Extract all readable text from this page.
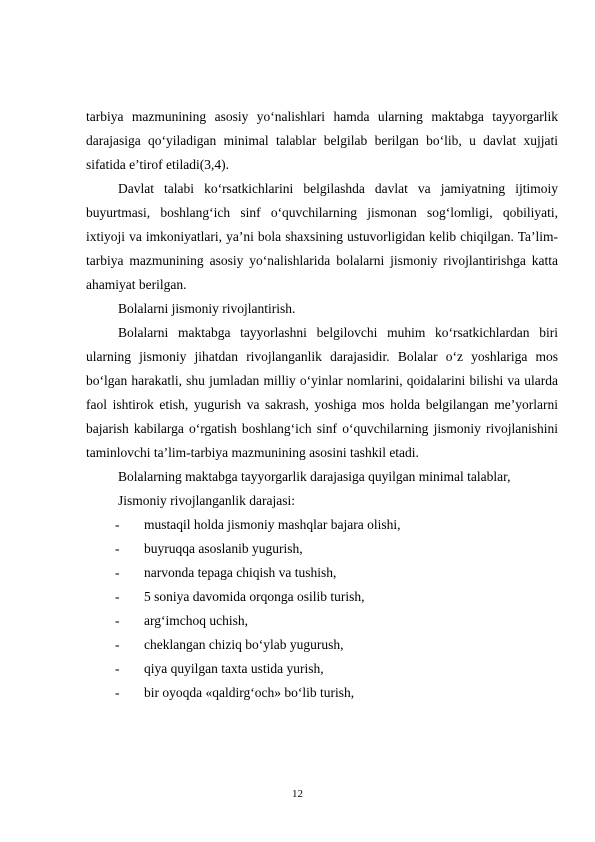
tarbiya mazmunining asosiy yo‘nalishlari hamda ularning maktabga tayyorgarlik darajasiga qo‘yiladigan minimal talablar belgilab berilgan bo‘lib, u davlat xujjati sifatida e’tirof etiladi(3,4).

Davlat talabi ko‘rsatkichlarini belgilashda davlat va jamiyatning ijtimoiy buyurtmasi, boshlang‘ich sinf o‘quvchilarning jismonan sog‘lomligi, qobiliyati, ixtiyoji va imkoniyatlari, ya’ni bola shaxsining ustuvorligidan kelib chiqilgan. Ta’lim-tarbiya mazmunining asosiy yo‘nalishlarida bolalarni jismoniy rivojlantirishga katta ahamiyat berilgan.

Bolalarni jismoniy rivojlantirish.

Bolalarni maktabga tayyorlashni belgilovchi muhim ko‘rsatkichlardan biri ularning jismoniy jihatdan rivojlanganlik darajasidir. Bolalar o‘z yoshlariga mos bo‘lgan harakatli, shu jumladan milliy o‘yinlar nomlarini, qoidalarini bilishi va ularda faol ishtirok etish, yugurish va sakrash, yoshiga mos holda belgilangan me’yorlarni bajarish kabilarga o‘rgatish boshlang‘ich sinf o‘quvchilarning jismoniy rivojlanishini taminlovchi ta’lim-tarbiya mazmunining asosini tashkil etadi.

Bolalarning maktabga tayyorgarlik darajasiga quyilgan minimal talablar,

Jismoniy rivojlanganlik darajasi:

- mustaqil holda jismoniy mashqlar bajara olishi,
- buyruqqa asoslanib yugurish,
- narvonda tepaga chiqish va tushish,
- 5 soniya davomida orqonga osilib turish,
- arg‘imchoq uchish,
- cheklangan chiziq bo‘ylab yugurush,
- qiya quyilgan taxta ustida yurish,
- bir oyoqda «qaldirg‘och» bo‘lib turish,
12
